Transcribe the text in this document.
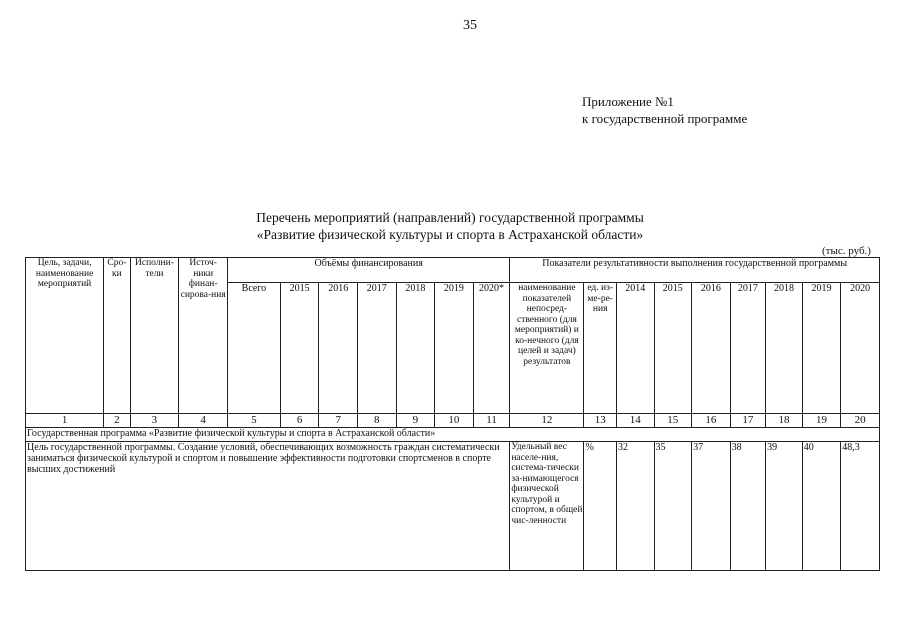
35
Приложение №1
к государственной программе
Перечень мероприятий (направлений) государственной программы
«Развитие физической культуры и спорта в Астраханской области»
(тыс. руб.)
Цель, задачи, наименование мероприятий	Сро-ки	Исполни-тели	Источ-ники финан-сирова-ния	Объёмы финансирования							Показатели результативности выполнения государственной программы								
				Всего	2015	2016	2017	2018	2019	2020*	наименование показателей непосред-ственного (для мероприятий) и ко-нечного (для целей и задач) результатов	ед. из-ме-ре-ния	2014	2015	2016	2017	2018	2019	2020
1	2	3	4	5	6	7	8	9	10	11	12	13	14	15	16	17	18	19	20
Государственная программа «Развитие физической культуры и спорта в Астраханской области»																			
Цель государственной программы. Создание условий, обеспечивающих возможность граждан систематически заниматься физической культурой и спортом и повышение эффективности подготовки спортсменов в спорте высших достижений											Удельный вес населе-ния, система-тически за-нимающегося физической культурой и спортом, в общей чис-ленности	%	32	35	37	38	39	40	48,3
